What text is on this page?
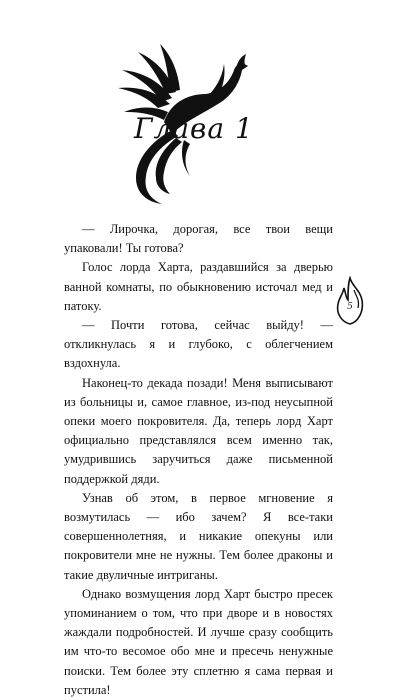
Глава 1
5

— Лирочка, дорогая, все твои вещи упаковали! Ты готова?

Голос лорда Харта, раздавшийся за дверью ванной комнаты, по обыкновению источал мед и патоку.

— Почти готова, сейчас выйду! — откликнулась я и глубоко, с облегчением вздохнула.

Наконец-то декада позади! Меня выписывают из больницы и, самое главное, из-под неусыпной опеки моего покровителя. Да, теперь лорд Харт официально представлялся всем именно так, умудрившись заручиться даже письменной поддержкой дяди.

Узнав об этом, в первое мгновение я возмутилась — ибо зачем? Я все-таки совершеннолетняя, и никакие опекуны или покровители мне не нужны. Тем более драконы и такие двуличные интриганы.

Однако возмущения лорд Харт быстро пресек упоминанием о том, что при дворе и в новостях жаждали подробностей. И лучше сразу сообщить им что-то весомое обо мне и пресечь ненужные поиски. Тем более эту сплетню я сама первая и пустила!
